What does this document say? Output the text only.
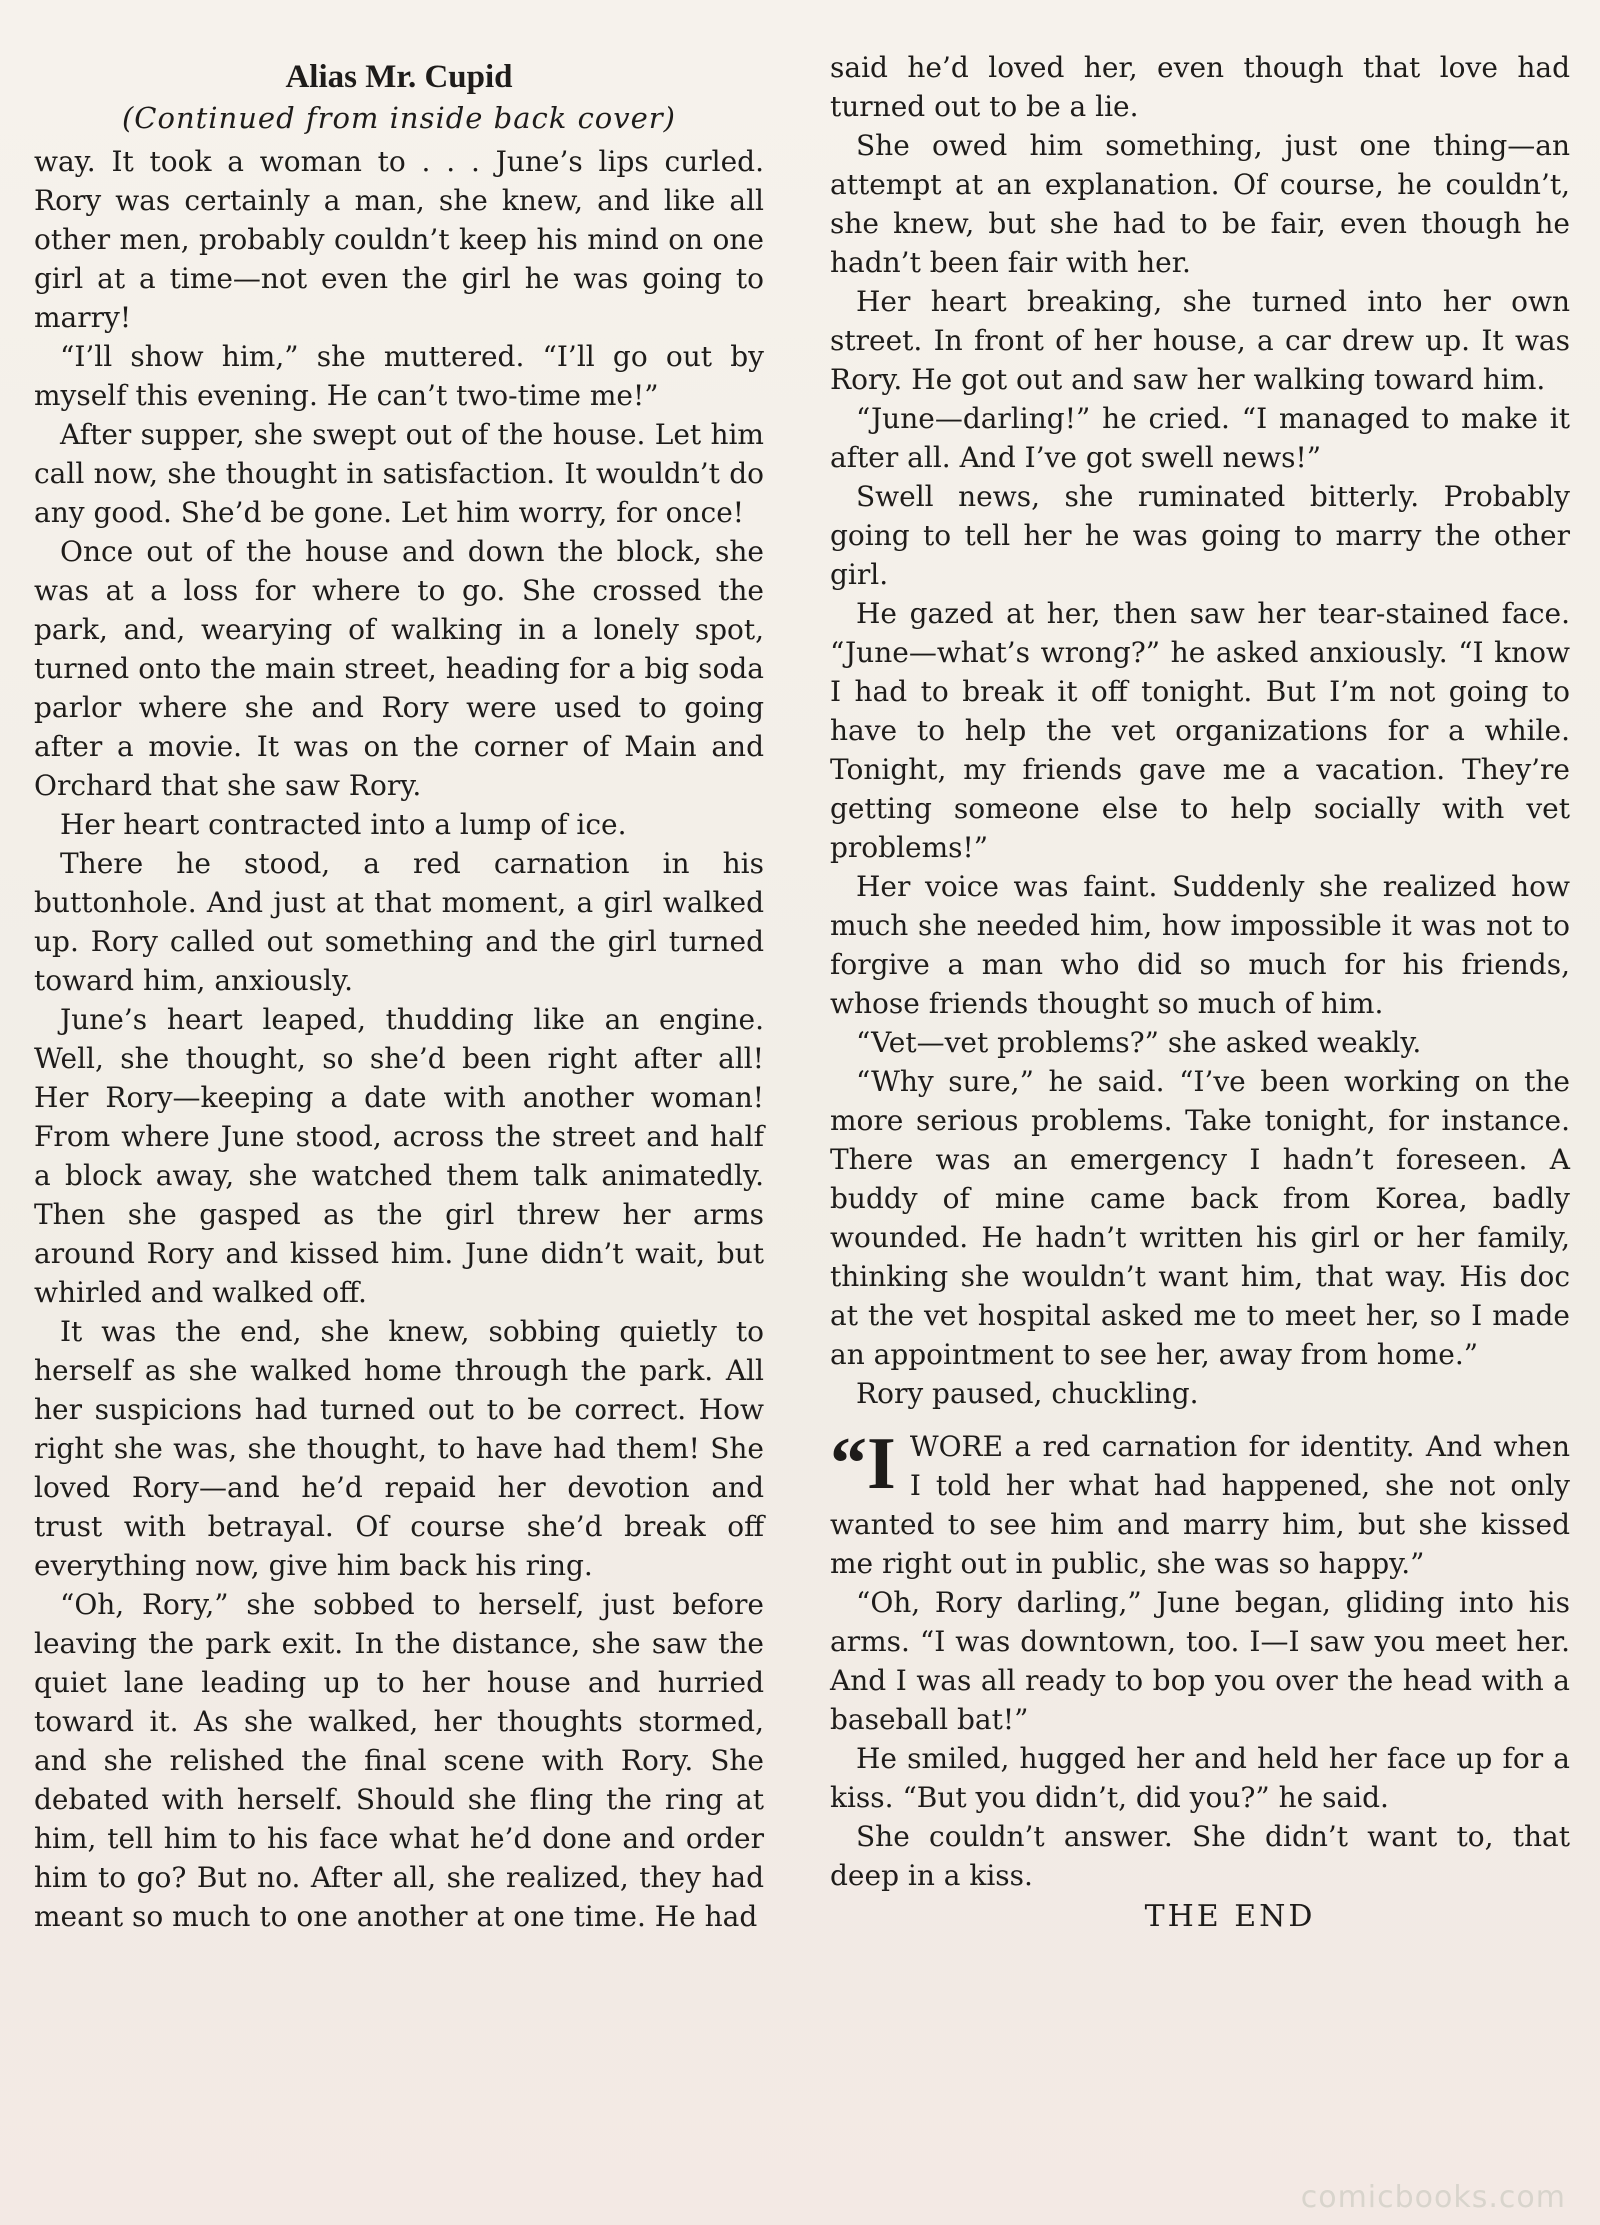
Alias Mr. Cupid
(Continued from inside back cover)

way. It took a woman to . . . June’s lips curled. Rory was certainly a man, she knew, and like all other men, probably couldn’t keep his mind on one girl at a time—not even the girl he was going to marry!

“I’ll show him,” she muttered. “I’ll go out by myself this evening. He can’t two-time me!”

After supper, she swept out of the house. Let him call now, she thought in satisfaction. It wouldn’t do any good. She’d be gone. Let him worry, for once!

Once out of the house and down the block, she was at a loss for where to go. She crossed the park, and, wearying of walking in a lonely spot, turned onto the main street, heading for a big soda parlor where she and Rory were used to going after a movie. It was on the corner of Main and Orchard that she saw Rory.

Her heart contracted into a lump of ice.

There he stood, a red carnation in his buttonhole. And just at that moment, a girl walked up. Rory called out something and the girl turned toward him, anxiously.

June’s heart leaped, thudding like an engine. Well, she thought, so she’d been right after all! Her Rory—keeping a date with another woman! From where June stood, across the street and half a block away, she watched them talk animatedly. Then she gasped as the girl threw her arms around Rory and kissed him. June didn’t wait, but whirled and walked off.

It was the end, she knew, sobbing quietly to herself as she walked home through the park. All her suspicions had turned out to be correct. How right she was, she thought, to have had them! She loved Rory—and he’d repaid her devotion and trust with betrayal. Of course she’d break off everything now, give him back his ring.

“Oh, Rory,” she sobbed to herself, just before leaving the park exit. In the distance, she saw the quiet lane leading up to her house and hurried toward it. As she walked, her thoughts stormed, and she relished the final scene with Rory. She debated with herself. Should she fling the ring at him, tell him to his face what he’d done and order him to go? But no. After all, she realized, they had meant so much to one another at one time. He had

said he’d loved her, even though that love had turned out to be a lie.

She owed him something, just one thing—an attempt at an explanation. Of course, he couldn’t, she knew, but she had to be fair, even though he hadn’t been fair with her.

Her heart breaking, she turned into her own street. In front of her house, a car drew up. It was Rory. He got out and saw her walking toward him.

“June—darling!” he cried. “I managed to make it after all. And I’ve got swell news!”

Swell news, she ruminated bitterly. Probably going to tell her he was going to marry the other girl.

He gazed at her, then saw her tear-stained face. “June—what’s wrong?” he asked anxiously. “I know I had to break it off tonight. But I’m not going to have to help the vet organizations for a while. Tonight, my friends gave me a vacation. They’re getting someone else to help socially with vet problems!”

Her voice was faint. Suddenly she realized how much she needed him, how impossible it was not to forgive a man who did so much for his friends, whose friends thought so much of him.

“Vet—vet problems?” she asked weakly.

“Why sure,” he said. “I’ve been working on the more serious problems. Take tonight, for instance. There was an emergency I hadn’t foreseen. A buddy of mine came back from Korea, badly wounded. He hadn’t written his girl or her family, thinking she wouldn’t want him, that way. His doc at the vet hospital asked me to meet her, so I made an appointment to see her, away from home.”

Rory paused, chuckling.

“IWORE a red carnation for identity. And when I told her what had happened, she not only wanted to see him and marry him, but she kissed me right out in public, she was so happy.”

“Oh, Rory darling,” June began, gliding into his arms. “I was downtown, too. I—I saw you meet her. And I was all ready to bop you over the head with a baseball bat!”

He smiled, hugged her and held her face up for a kiss. “But you didn’t, did you?” he said.

She couldn’t answer. She didn’t want to, that deep in a kiss.

THE END
comicbooks.com
